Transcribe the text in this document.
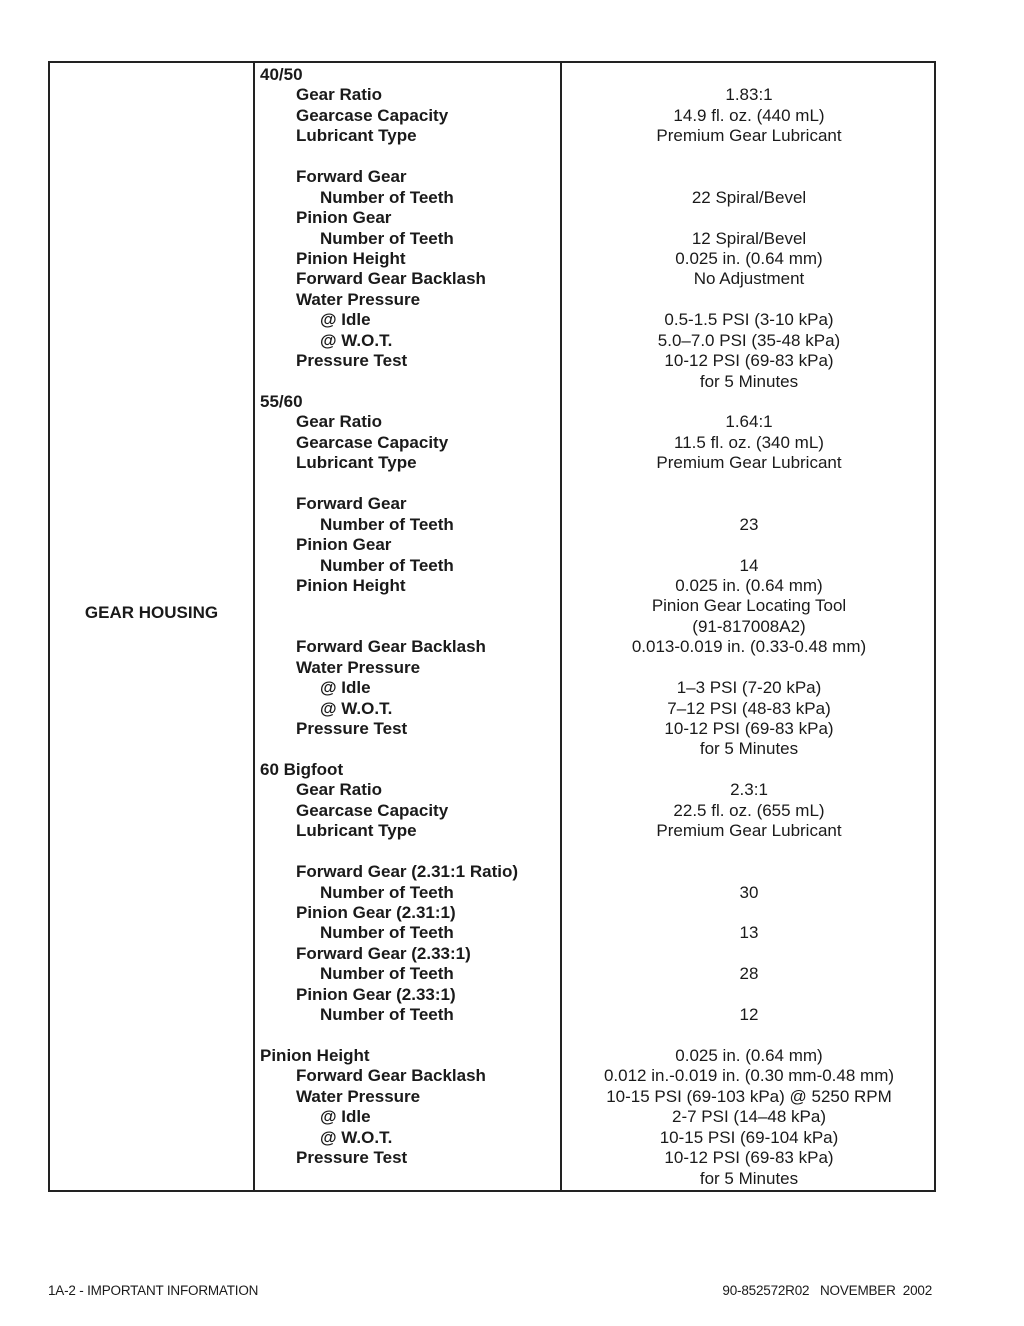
GEAR HOUSING
40/50
Gear Ratio
Gearcase Capacity
Lubricant Type
Forward Gear
Number of Teeth
Pinion Gear
Number of Teeth
Pinion Height
Forward Gear Backlash
Water Pressure
@ Idle
@ W.O.T.
Pressure Test
55/60
Gear Ratio
Gearcase Capacity
Lubricant Type
Forward Gear
Number of Teeth
Pinion Gear
Number of Teeth
Pinion Height
Forward Gear Backlash
Water Pressure
@ Idle
@ W.O.T.
Pressure Test
60 Bigfoot
Gear Ratio
Gearcase Capacity
Lubricant Type
Forward Gear (2.31:1 Ratio)
Number of Teeth
Pinion Gear (2.31:1)
Number of Teeth
Forward Gear (2.33:1)
Number of Teeth
Pinion Gear (2.33:1)
Number of Teeth
Pinion Height
Forward Gear Backlash
Water Pressure
@ Idle
@ W.O.T.
Pressure Test
1.83:1
14.9 fl. oz. (440 mL)
Premium Gear Lubricant
22 Spiral/Bevel
12 Spiral/Bevel
0.025 in. (0.64 mm)
No Adjustment
0.5-1.5 PSI (3-10 kPa)
5.0–7.0 PSI (35-48 kPa)
10-12 PSI (69-83 kPa)
for 5 Minutes
1.64:1
11.5 fl. oz. (340 mL)
Premium Gear Lubricant
23
14
0.025 in. (0.64 mm)
Pinion Gear Locating Tool
(91-817008A2)
0.013-0.019 in. (0.33-0.48 mm)
1–3 PSI (7-20 kPa)
7–12 PSI (48-83 kPa)
10-12 PSI (69-83 kPa)
for 5 Minutes
2.3:1
22.5 fl. oz. (655 mL)
Premium Gear Lubricant
30
13
28
12
0.025 in. (0.64 mm)
0.012 in.-0.019 in. (0.30 mm-0.48 mm)
10-15 PSI (69-103 kPa) @ 5250 RPM
2-7 PSI (14–48 kPa)
10-15 PSI (69-104 kPa)
10-12 PSI (69-83 kPa)
for 5 Minutes
1A-2 - IMPORTANT INFORMATION	90-852572R02   NOVEMBER  2002
